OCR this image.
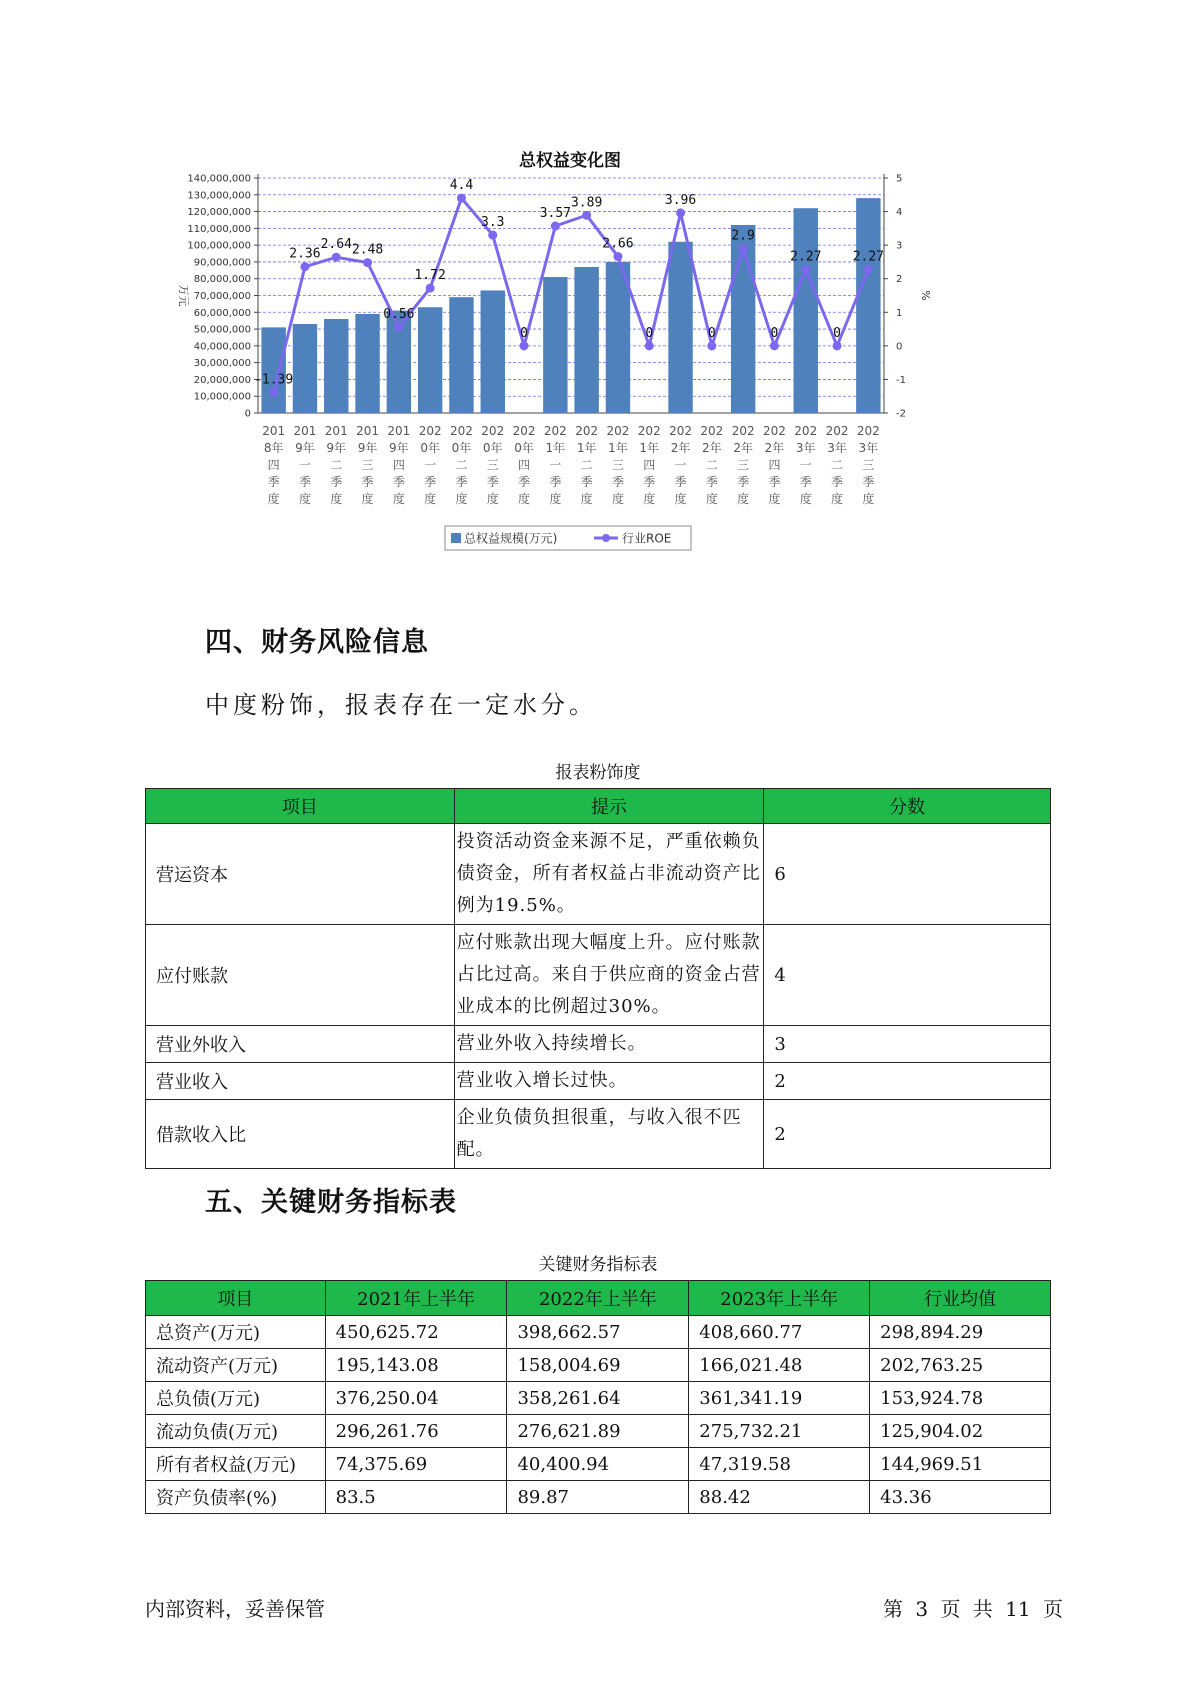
总权益变化图
0
10,000,000
20,000,000
30,000,000
40,000,000
50,000,000
60,000,000
70,000,000
80,000,000
90,000,000
100,000,000
110,000,000
120,000,000
130,000,000
140,000,000
-2
-1
0
1
2
3
4
5
万元	%
-1.39
2.36
2.64 2.48
0.56
1.72
4.4
3.3
0
3.57
3.89
2.66
0
3.96
0
2.9
0
2.27
0
2.27
201
8年
四
季
度
201
9年
一
季
度
201
9年
二
季
度
201
9年
三
季
度
201
9年
四
季
度
202
0年
一
季
度
202
0年
二
季
度
202
0年
三
季
度
202
0年
四
季
度
202
1年
一
季
度
202
1年
二
季
度
202
1年
三
季
度
202
1年
四
季
度
202
2年
一
季
度
202
2年
二
季
度
202
2年
三
季
度
202
2年
四
季
度
202
3年
一
季
度
202
3年
二
季
度
202
3年
三
季
度
总权益规模(万元)	行业ROE
四、财务风险信息
中度粉饰，报表存在一定水分。
报表粉饰度
项目	提示	分数
营运资本	投资活动资金来源不足，严重依赖负债资金，所有者权益占非流动资产比例为19.5%。	6
应付账款	应付账款出现大幅度上升。应付账款占比过高。来自于供应商的资金占营业成本的比例超过30%。	4
营业外收入	营业外收入持续增长。	3
营业收入	营业收入增长过快。	2
借款收入比	企业负债负担很重，与收入很不匹配。	2
五、关键财务指标表
关键财务指标表
项目	2021年上半年	2022年上半年	2023年上半年	行业均值
总资产(万元)	450,625.72	398,662.57	408,660.77	298,894.29
流动资产(万元)	195,143.08	158,004.69	166,021.48	202,763.25
总负债(万元)	376,250.04	358,261.64	361,341.19	153,924.78
流动负债(万元)	296,261.76	276,621.89	275,732.21	125,904.02
所有者权益(万元)	74,375.69	40,400.94	47,319.58	144,969.51
资产负债率(%)	83.5	89.87	88.42	43.36
内部资料，妥善保管	第 3 页 共 11 页
